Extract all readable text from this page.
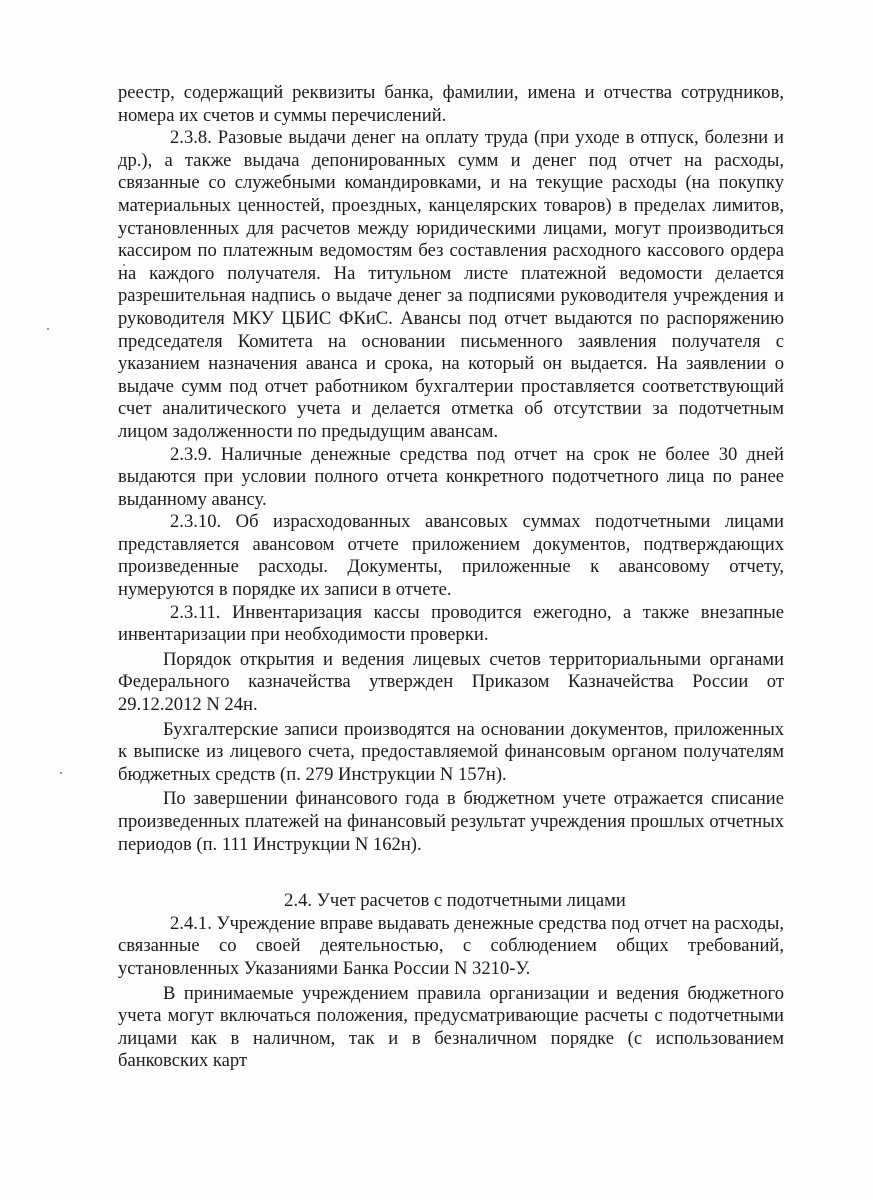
реестр, содержащий реквизиты банка, фамилии, имена и отчества сотрудников, номера их счетов и суммы перечислений.

2.3.8. Разовые выдачи денег на оплату труда (при уходе в отпуск, болезни и др.), а также выдача депонированных сумм и денег под отчет на расходы, связанные со служебными командировками, и на текущие расходы (на покупку материальных ценностей, проездных, канцелярских товаров) в пределах лимитов, установленных для расчетов между юридическими лицами, могут производиться кассиром по платежным ведомостям без составления расходного кассового ордера на каждого получателя. На титульном листе платежной ведомости делается разрешительная надпись о выдаче денег за подписями руководителя учреждения и руководителя МКУ ЦБИС ФКиС. Авансы под отчет выдаются по распоряжению председателя Комитета на основании письменного заявления получателя с указанием назначения аванса и срока, на который он выдается. На заявлении о выдаче сумм под отчет работником бухгалтерии проставляется соответствующий счет аналитического учета и делается отметка об отсутствии за подотчетным лицом задолженности по предыдущим авансам.

2.3.9. Наличные денежные средства под отчет на срок не более 30 дней выдаются при условии полного отчета конкретного подотчетного лица по ранее выданному авансу.

2.3.10. Об израсходованных авансовых суммах подотчетными лицами представляется авансовом отчете приложением документов, подтверждающих произведенные расходы. Документы, приложенные к авансовому отчету, нумеруются в порядке их записи в отчете.

2.3.11. Инвентаризация кассы проводится ежегодно, а также внезапные инвентаризации при необходимости проверки.

Порядок открытия и ведения лицевых счетов территориальными органами Федерального казначейства утвержден Приказом Казначейства России от 29.12.2012 N 24н.

Бухгалтерские записи производятся на основании документов, приложенных к выписке из лицевого счета, предоставляемой финансовым органом получателям бюджетных средств (п. 279 Инструкции N 157н).

По завершении финансового года в бюджетном учете отражается списание произведенных платежей на финансовый результат учреждения прошлых отчетных периодов (п. 111 Инструкции N 162н).

2.4. Учет расчетов с подотчетными лицами

2.4.1. Учреждение вправе выдавать денежные средства под отчет на расходы, связанные со своей деятельностью, с соблюдением общих требований, установленных Указаниями Банка России N 3210-У.

В принимаемые учреждением правила организации и ведения бюджетного учета могут включаться положения, предусматривающие расчеты с подотчетными лицами как в наличном, так и в безналичном порядке (с использованием банковских карт
